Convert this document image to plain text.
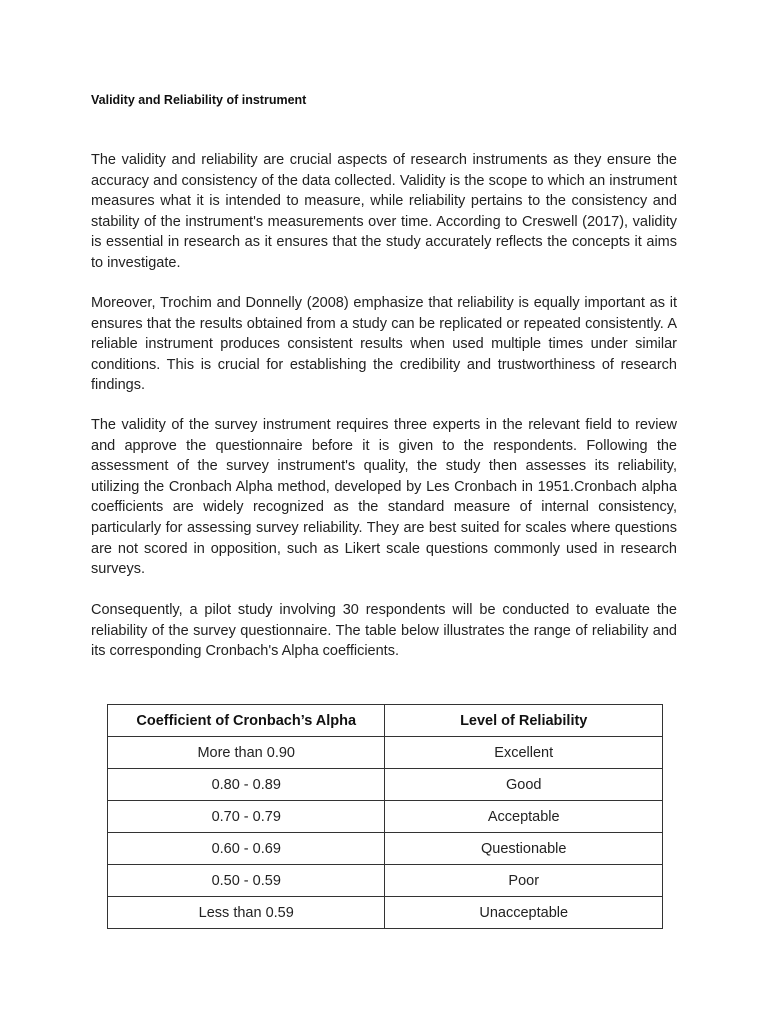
Validity and Reliability of instrument

The validity and reliability are crucial aspects of research instruments as they ensure the accuracy and consistency of the data collected. Validity is the scope to which an instrument measures what it is intended to measure, while reliability pertains to the consistency and stability of the instrument's measurements over time. According to Creswell (2017), validity is essential in research as it ensures that the study accurately reflects the concepts it aims to investigate.

Moreover, Trochim and Donnelly (2008) emphasize that reliability is equally important as it ensures that the results obtained from a study can be replicated or repeated consistently. A reliable instrument produces consistent results when used multiple times under similar conditions. This is crucial for establishing the credibility and trustworthiness of research findings.

The validity of the survey instrument requires three experts in the relevant field to review and approve the questionnaire before it is given to the respondents. Following the assessment of the survey instrument's quality, the study then assesses its reliability, utilizing the Cronbach Alpha method, developed by Les Cronbach in 1951.Cronbach alpha coefficients are widely recognized as the standard measure of internal consistency, particularly for assessing survey reliability. They are best suited for scales where questions are not scored in opposition, such as Likert scale questions commonly used in research surveys.

Consequently, a pilot study involving 30 respondents will be conducted to evaluate the reliability of the survey questionnaire. The table below illustrates the range of reliability and its corresponding Cronbach's Alpha coefficients.

Coefficient of Cronbach’s Alpha	Level of Reliability
More than 0.90	Excellent
0.80 - 0.89	Good
0.70 - 0.79	Acceptable
0.60 - 0.69	Questionable
0.50 - 0.59	Poor
Less than 0.59	Unacceptable
